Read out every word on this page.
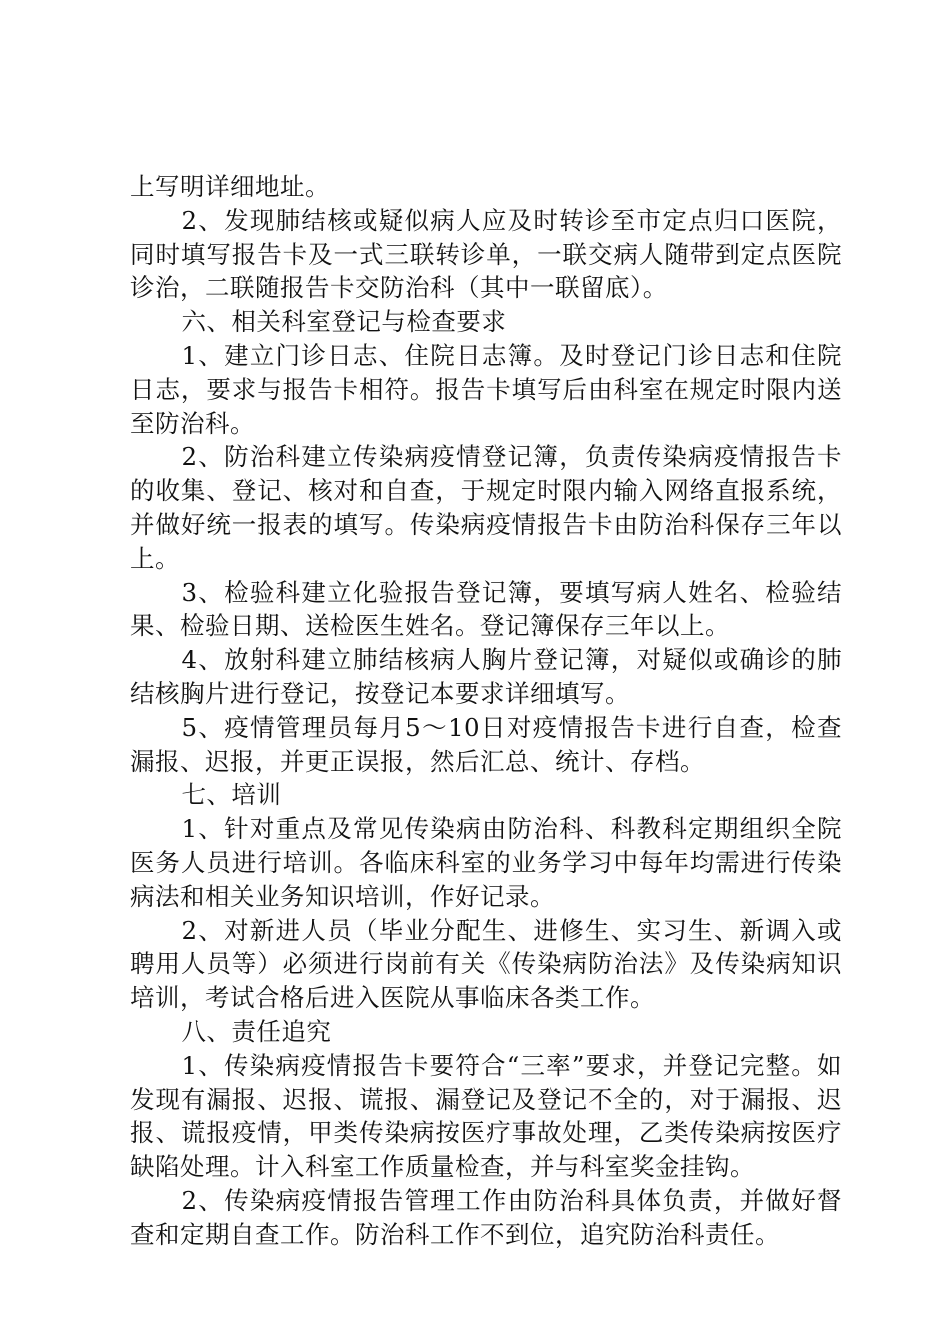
上写明详细地址。

2、发现肺结核或疑似病人应及时转诊至市定点归口医院，同时填写报告卡及一式三联转诊单，一联交病人随带到定点医院诊治，二联随报告卡交防治科（其中一联留底）。

六、相关科室登记与检查要求

1、建立门诊日志、住院日志簿。及时登记门诊日志和住院日志，要求与报告卡相符。报告卡填写后由科室在规定时限内送至防治科。

2、防治科建立传染病疫情登记簿，负责传染病疫情报告卡的收集、登记、核对和自查，于规定时限内输入网络直报系统，并做好统一报表的填写。传染病疫情报告卡由防治科保存三年以上。

3、检验科建立化验报告登记簿，要填写病人姓名、检验结果、检验日期、送检医生姓名。登记簿保存三年以上。

4、放射科建立肺结核病人胸片登记簿，对疑似或确诊的肺结核胸片进行登记，按登记本要求详细填写。

5、疫情管理员每月5～10日对疫情报告卡进行自查，检查漏报、迟报，并更正误报，然后汇总、统计、存档。

七、培训

1、针对重点及常见传染病由防治科、科教科定期组织全院医务人员进行培训。各临床科室的业务学习中每年均需进行传染病法和相关业务知识培训，作好记录。

2、对新进人员（毕业分配生、进修生、实习生、新调入或聘用人员等）必须进行岗前有关《传染病防治法》及传染病知识培训，考试合格后进入医院从事临床各类工作。

八、责任追究

1、传染病疫情报告卡要符合“三率”要求，并登记完整。如发现有漏报、迟报、谎报、漏登记及登记不全的，对于漏报、迟报、谎报疫情，甲类传染病按医疗事故处理，乙类传染病按医疗缺陷处理。计入科室工作质量检查，并与科室奖金挂钩。

2、传染病疫情报告管理工作由防治科具体负责，并做好督查和定期自查工作。防治科工作不到位，追究防治科责任。
